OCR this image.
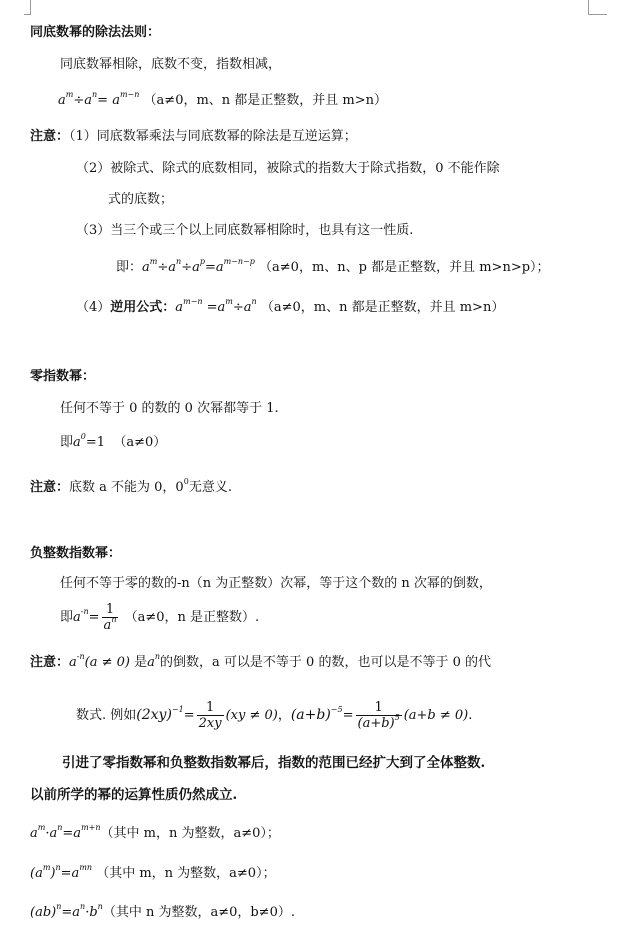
同底数幂的除法法则：
同底数幂相除，底数不变，指数相减，
$a^m\div a^n= a^{m-n}$ （a≠0，m、n 都是正整数，并且 m>n）
注意：（1）同底数幂乘法与同底数幂的除法是互逆运算；
（2）被除式、除式的底数相同，被除式的指数大于除式指数，0 不能作除
式的底数；
（3）当三个或三个以上同底数幂相除时，也具有这一性质.
即：$a^m\div a^n\div a^p=a^{m-n-p}$ （a≠0，m、n、p 都是正整数，并且 m>n>p）；
（4）逆用公式：$a^{m-n} =a^m\div a^n$ （a≠0，m、n 都是正整数，并且 m>n）
零指数幂：
任何不等于 0 的数的 0 次幂都等于 1.
即$a^0=1$  （a≠0）
注意：底数 a 不能为 0，$0^0$无意义.
负整数指数幂：
任何不等于零的数的-n（n 为正整数）次幂，等于这个数的 n 次幂的倒数，
即$a^{-n}= \frac{1}{a^n} (a\ne 0$，n 是正整数）.
注意：$a^{-n}(a \ne 0)$ 是$a^n$的倒数，a 可以是不等于 0 的数，也可以是不等于 0 的代
数式. 例如$(2xy)^{-1}= \frac{1}{2xy} (xy \ne 0)$，$(a+b)^{-5}= \frac{1}{(a+b)^5} (a+b \ne 0)$.
引进了零指数幂和负整数指数幂后，指数的范围已经扩大到了全体整数.
以前所学的幂的运算性质仍然成立.
$a^m\cdot a^n=a^{m+n}$（其中 m，n 为整数，a≠0）；
$(a^m)^n=a^{mn}$ （其中 m，n 为整数，a≠0）；
$(ab)^n=a^n\cdot b^n$（其中 n 为整数，a≠0，b≠0）.
